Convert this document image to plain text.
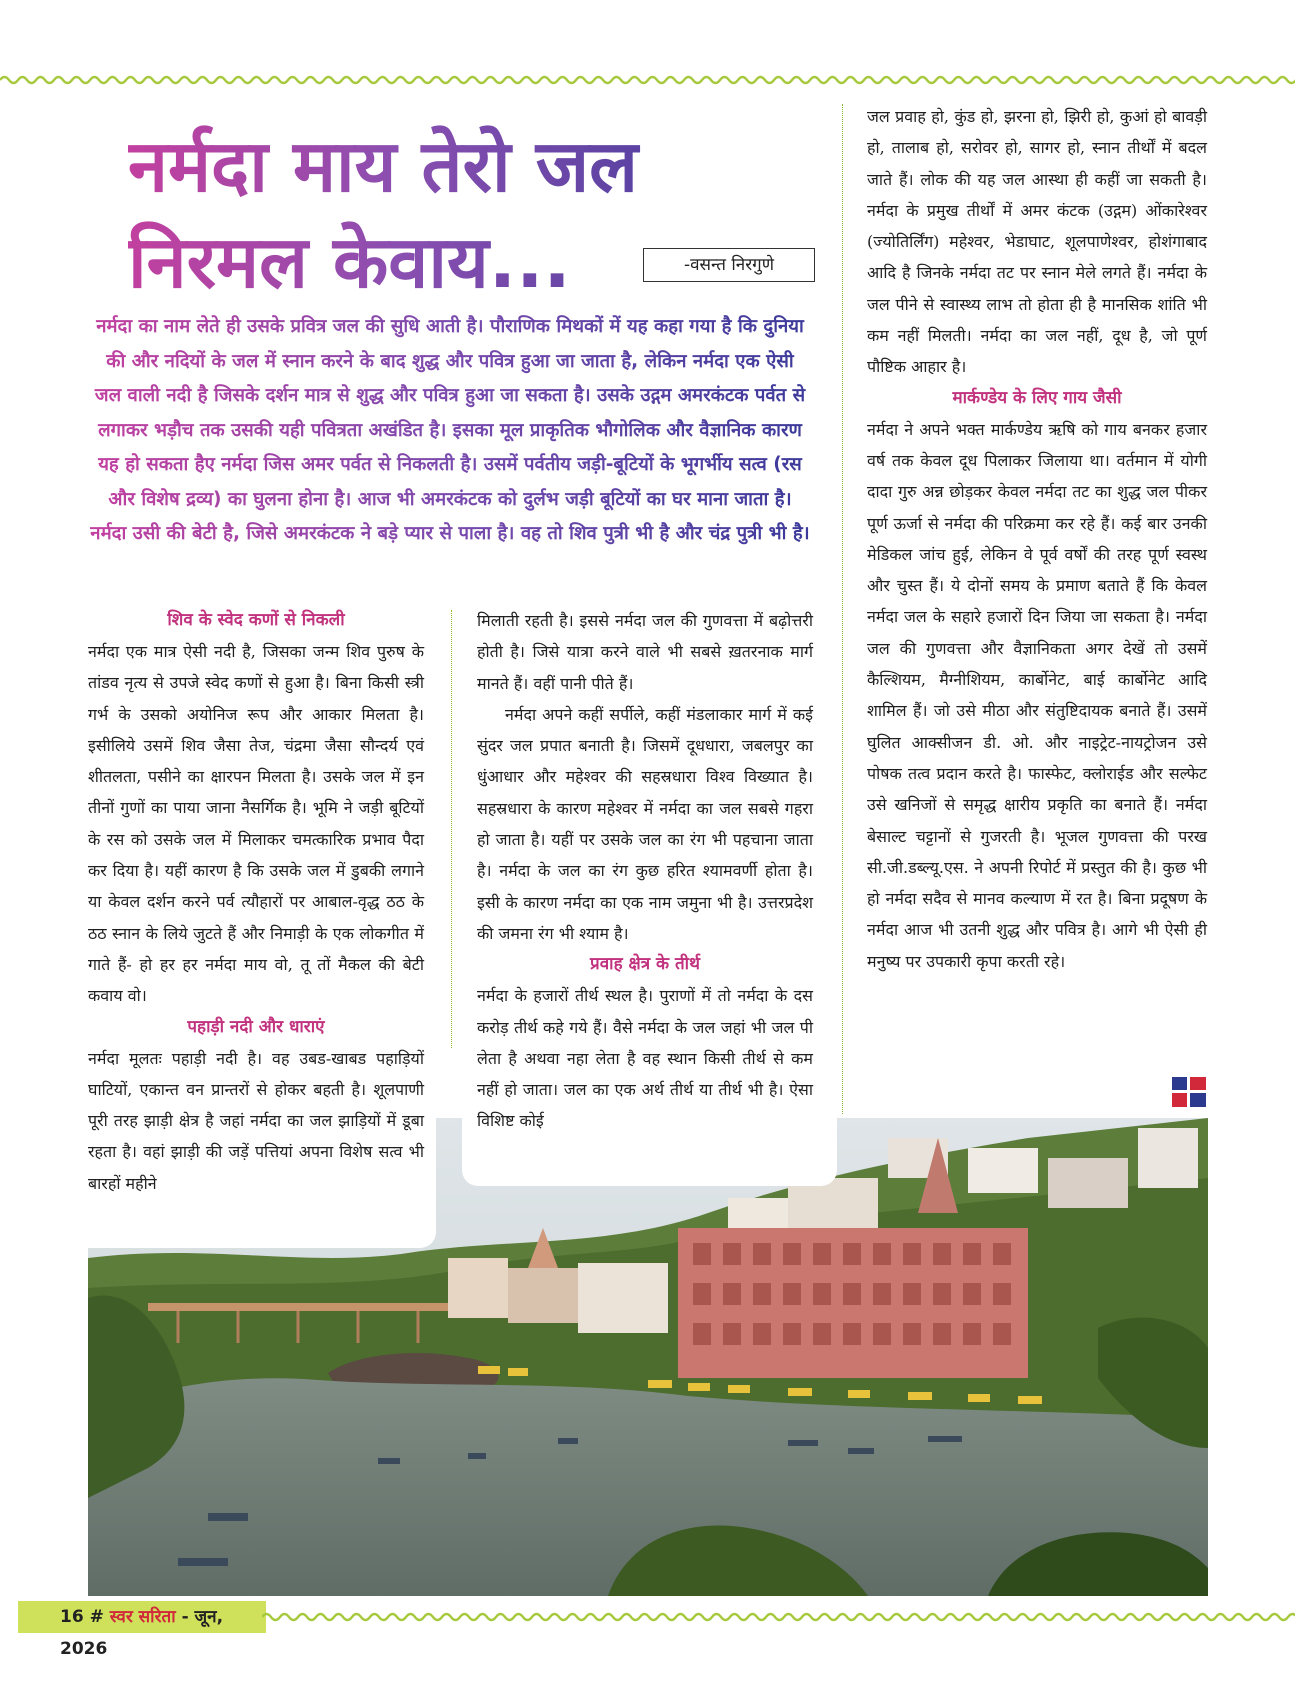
नर्मदा माय तेरो जल
निरमल केवाय...	-वसन्त निरगुणे

नर्मदा का नाम लेते ही उसके प्रवित्र जल की सुधि आती है। पौराणिक मिथकों में यह कहा गया है कि दुनिया की और नदियों के जल में स्नान करने के बाद शुद्ध और पवित्र हुआ जा जाता है, लेकिन नर्मदा एक ऐसी जल वाली नदी है जिसके दर्शन मात्र से शुद्ध और पवित्र हुआ जा सकता है। उसके उद्गम अमरकंटक पर्वत से लगाकर भड़ौच तक उसकी यही पवित्रता अखंडित है। इसका मूल प्राकृतिक भौगोलिक और वैज्ञानिक कारण यह हो सकता हैए नर्मदा जिस अमर पर्वत से निकलती है। उसमें पर्वतीय जड़ी-बूटियों के भूगर्भीय सत्व (रस और विशेष द्रव्य) का घुलना होना है। आज भी अमरकंटक को दुर्लभ जड़ी बूटियों का घर माना जाता है। नर्मदा उसी की बेटी है, जिसे अमरकंटक ने बड़े प्यार से पाला है। वह तो शिव पुत्री भी है और चंद्र पुत्री भी है।

शिव के स्वेद कणों से निकली

नर्मदा एक मात्र ऐसी नदी है, जिसका जन्म शिव पुरुष के तांडव नृत्य से उपजे स्वेद कणों से हुआ है। बिना किसी स्त्री गर्भ के उसको अयोनिज रूप और आकार मिलता है। इसीलिये उसमें शिव जैसा तेज, चंद्रमा जैसा सौन्दर्य एवं शीतलता, पसीने का क्षारपन मिलता है। उसके जल में इन तीनों गुणों का पाया जाना नैसर्गिक है। भूमि ने जड़ी बूटियों के रस को उसके जल में मिलाकर चमत्कारिक प्रभाव पैदा कर दिया है। यहीं कारण है कि उसके जल में डुबकी लगाने या केवल दर्शन करने पर्व त्यौहारों पर आबाल-वृद्ध ठठ के ठठ स्नान के लिये जुटते हैं और निमाड़ी के एक लोकगीत में गाते हैं- हो हर हर नर्मदा माय वो, तू तों मैकल की बेटी कवाय वो।

पहाड़ी नदी और धाराएं

नर्मदा मूलतः पहाड़ी नदी है। वह उबड-खाबड पहाड़ियों घाटियों, एकान्त वन प्रान्तरों से होकर बहती है। शूलपाणी पूरी तरह झाड़ी क्षेत्र है जहां नर्मदा का जल झाड़ियों में डूबा रहता है। वहां झाड़ी की जड़ें पत्तियां अपना विशेष सत्व भी बारहों महीने

मिलाती रहती है। इससे नर्मदा जल की गुणवत्ता में बढ़ोत्तरी होती है। जिसे यात्रा करने वाले भी सबसे ख़तरनाक मार्ग मानते हैं। वहीं पानी पीते हैं।

नर्मदा अपने कहीं सर्पीले, कहीं मंडलाकार मार्ग में कई सुंदर जल प्रपात बनाती है। जिसमें दूधधारा, जबलपुर का धुंआधार और महेश्वर की सहस्रधारा विश्व विख्यात है। सहस्रधारा के कारण महेश्वर में नर्मदा का जल सबसे गहरा हो जाता है। यहीं पर उसके जल का रंग भी पहचाना जाता है। नर्मदा के जल का रंग कुछ हरित श्यामवर्णी होता है। इसी के कारण नर्मदा का एक नाम जमुना भी है। उत्तरप्रदेश की जमना रंग भी श्याम है।

प्रवाह क्षेत्र के तीर्थ

नर्मदा के हजारों तीर्थ स्थल है। पुराणों में तो नर्मदा के दस करोड़ तीर्थ कहे गये हैं। वैसे नर्मदा के जल जहां भी जल पी लेता है अथवा नहा लेता है वह स्थान किसी तीर्थ से कम नहीं हो जाता। जल का एक अर्थ तीर्थ या तीर्थ भी है। ऐसा विशिष्ट कोई

जल प्रवाह हो, कुंड हो, झरना हो, झिरी हो, कुआं हो बावड़ी हो, तालाब हो, सरोवर हो, सागर हो, स्नान तीर्थों में बदल जाते हैं। लोक की यह जल आस्था ही कहीं जा सकती है। नर्मदा के प्रमुख तीर्थों में अमर कंटक (उद्गम) ओंकारेश्वर (ज्योतिर्लिंग) महेश्वर, भेडाघाट, शूलपाणेश्वर, होशंगाबाद आदि है जिनके नर्मदा तट पर स्नान मेले लगते हैं। नर्मदा के जल पीने से स्वास्थ्य लाभ तो होता ही है मानसिक शांति भी कम नहीं मिलती। नर्मदा का जल नहीं, दूध है, जो पूर्ण पौष्टिक आहार है।

मार्कण्डेय के लिए गाय जैसी

नर्मदा ने अपने भक्त मार्कण्डेय ऋषि को गाय बनकर हजार वर्ष तक केवल दूध पिलाकर जिलाया था। वर्तमान में योगी दादा गुरु अन्न छोड़कर केवल नर्मदा तट का शुद्ध जल पीकर पूर्ण ऊर्जा से नर्मदा की परिक्रमा कर रहे हैं। कई बार उनकी मेडिकल जांच हुई, लेकिन वे पूर्व वर्षों की तरह पूर्ण स्वस्थ और चुस्त हैं। ये दोनों समय के प्रमाण बताते हैं कि केवल नर्मदा जल के सहारे हजारों दिन जिया जा सकता है। नर्मदा जल की गुणवत्ता और वैज्ञानिकता अगर देखें तो उसमें कैल्शियम, मैग्नीशियम, कार्बोनेट, बाई कार्बोनेट आदि शामिल हैं। जो उसे मीठा और संतुष्टिदायक बनाते हैं। उसमें घुलित आक्सीजन डी. ओ. और नाइट्रेट-नायट्रोजन उसे पोषक तत्व प्रदान करते है। फास्फेट, क्लोराईड और सल्फेट उसे खनिजों से समृद्ध क्षारीय प्रकृति का बनाते हैं। नर्मदा बेसाल्ट चट्टानों से गुजरती है। भूजल गुणवत्ता की परख सी.जी.डब्ल्यू.एस. ने अपनी रिपोर्ट में प्रस्तुत की है। कुछ भी हो नर्मदा सदैव से मानव कल्याण में रत है। बिना प्रदूषण के नर्मदा आज भी उतनी शुद्ध और पवित्र है। आगे भी ऐसी ही मनुष्य पर उपकारी कृपा करती रहे।

16 # स्वर सरिता - जून, 2026
